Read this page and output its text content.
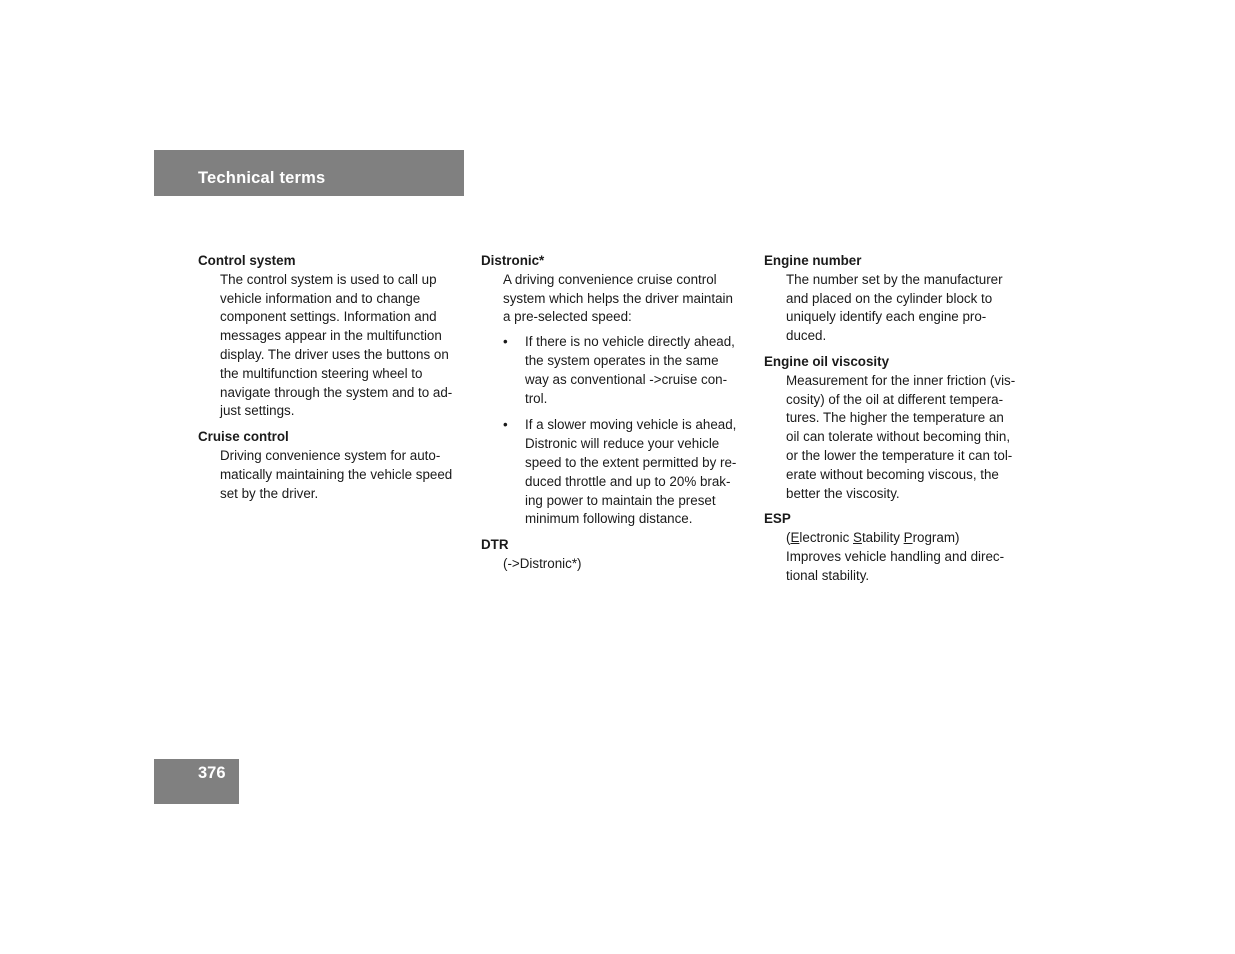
Technical terms
Control system
The control system is used to call up
vehicle information and to change
component settings. Information and
messages appear in the multifunction
display. The driver uses the buttons on
the multifunction steering wheel to
navigate through the system and to ad-
just settings.
Cruise control
Driving convenience system for auto-
matically maintaining the vehicle speed
set by the driver.
Distronic*
A driving convenience cruise control
system which helps the driver maintain
a pre-selected speed:
• If there is no vehicle directly ahead,
the system operates in the same
way as conventional ->cruise con-
trol.
• If a slower moving vehicle is ahead,
Distronic will reduce your vehicle
speed to the extent permitted by re-
duced throttle and up to 20% brak-
ing power to maintain the preset
minimum following distance.
DTR
(->Distronic*)
Engine number
The number set by the manufacturer
and placed on the cylinder block to
uniquely identify each engine pro-
duced.
Engine oil viscosity
Measurement for the inner friction (vis-
cosity) of the oil at different tempera-
tures. The higher the temperature an
oil can tolerate without becoming thin,
or the lower the temperature it can tol-
erate without becoming viscous, the
better the viscosity.
ESP
(Electronic Stability Program)
Improves vehicle handling and direc-
tional stability.
376
